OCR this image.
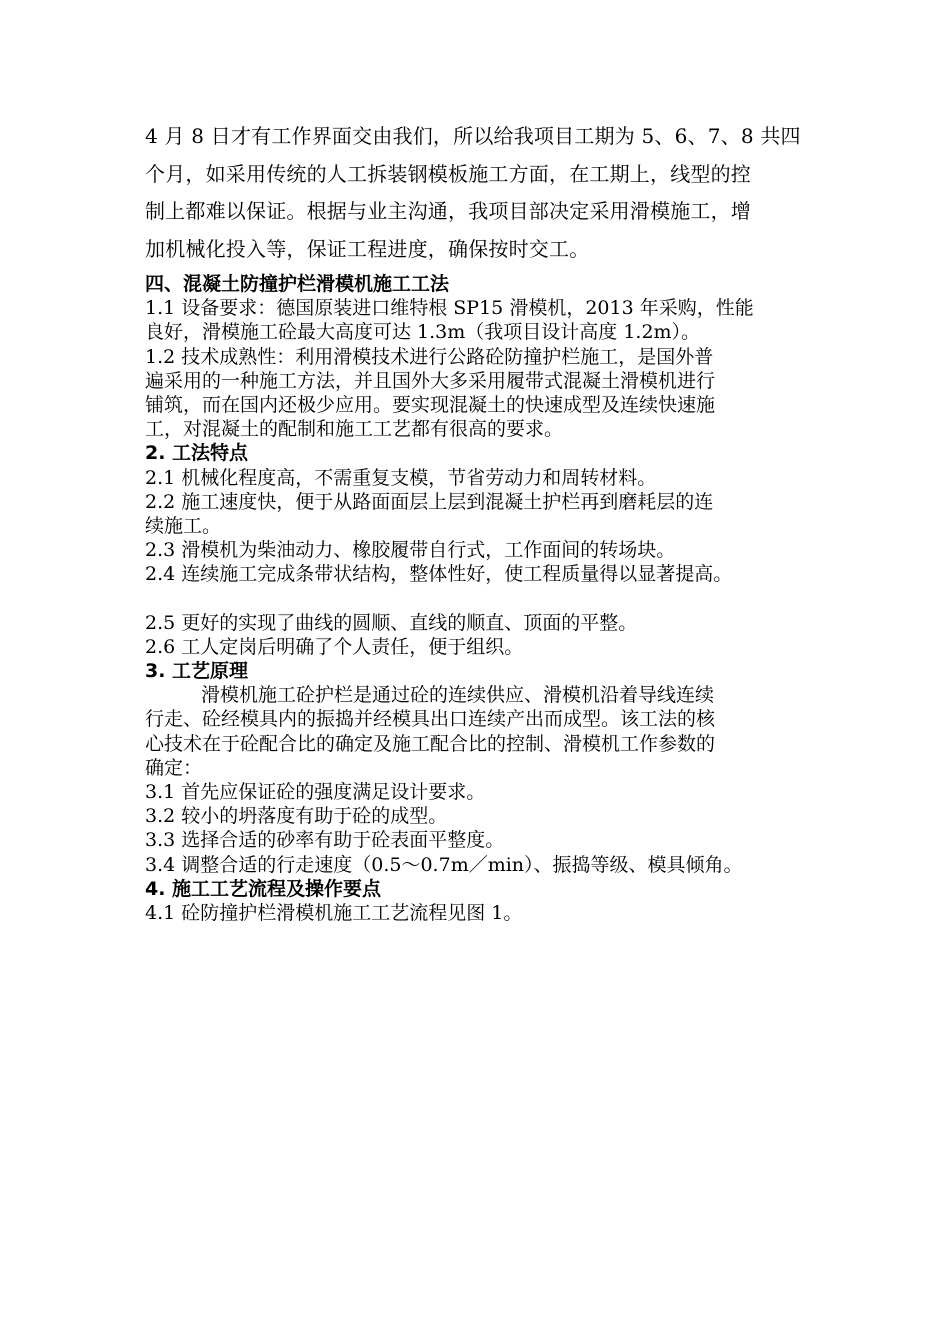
4 月 8 日才有工作界面交由我们，所以给我项目工期为 5、6、7、8 共四
个月，如采用传统的人工拆装钢模板施工方面，在工期上，线型的控
制上都难以保证。根据与业主沟通，我项目部决定采用滑模施工，增
加机械化投入等，保证工程进度，确保按时交工。
四、混凝土防撞护栏滑模机施工工法
1.1 设备要求：德国原装进口维特根 SP15 滑模机，2013 年采购，性能
良好，滑模施工砼最大高度可达 1.3m（我项目设计高度 1.2m）。
1.2 技术成熟性：利用滑模技术进行公路砼防撞护栏施工，是国外普
遍采用的一种施工方法，并且国外大多采用履带式混凝土滑模机进行
铺筑，而在国内还极少应用。要实现混凝土的快速成型及连续快速施
工，对混凝土的配制和施工工艺都有很高的要求。
2. 工法特点
2.1 机械化程度高，不需重复支模，节省劳动力和周转材料。
2.2 施工速度快，便于从路面面层上层到混凝土护栏再到磨耗层的连
续施工。
2.3 滑模机为柴油动力、橡胶履带自行式，工作面间的转场块。
2.4 连续施工完成条带状结构，整体性好，使工程质量得以显著提高。
2.5 更好的实现了曲线的圆顺、直线的顺直、顶面的平整。
2.6 工人定岗后明确了个人责任，便于组织。
3. 工艺原理
滑模机施工砼护栏是通过砼的连续供应、滑模机沿着导线连续
行走、砼经模具内的振捣并经模具出口连续产出而成型。该工法的核
心技术在于砼配合比的确定及施工配合比的控制、滑模机工作参数的
确定：
3.1 首先应保证砼的强度满足设计要求。
3.2 较小的坍落度有助于砼的成型。
3.3 选择合适的砂率有助于砼表面平整度。
3.4 调整合适的行走速度（0.5～0.7m／min）、振捣等级、模具倾角。
4. 施工工艺流程及操作要点
4.1 砼防撞护栏滑模机施工工艺流程见图 1。
